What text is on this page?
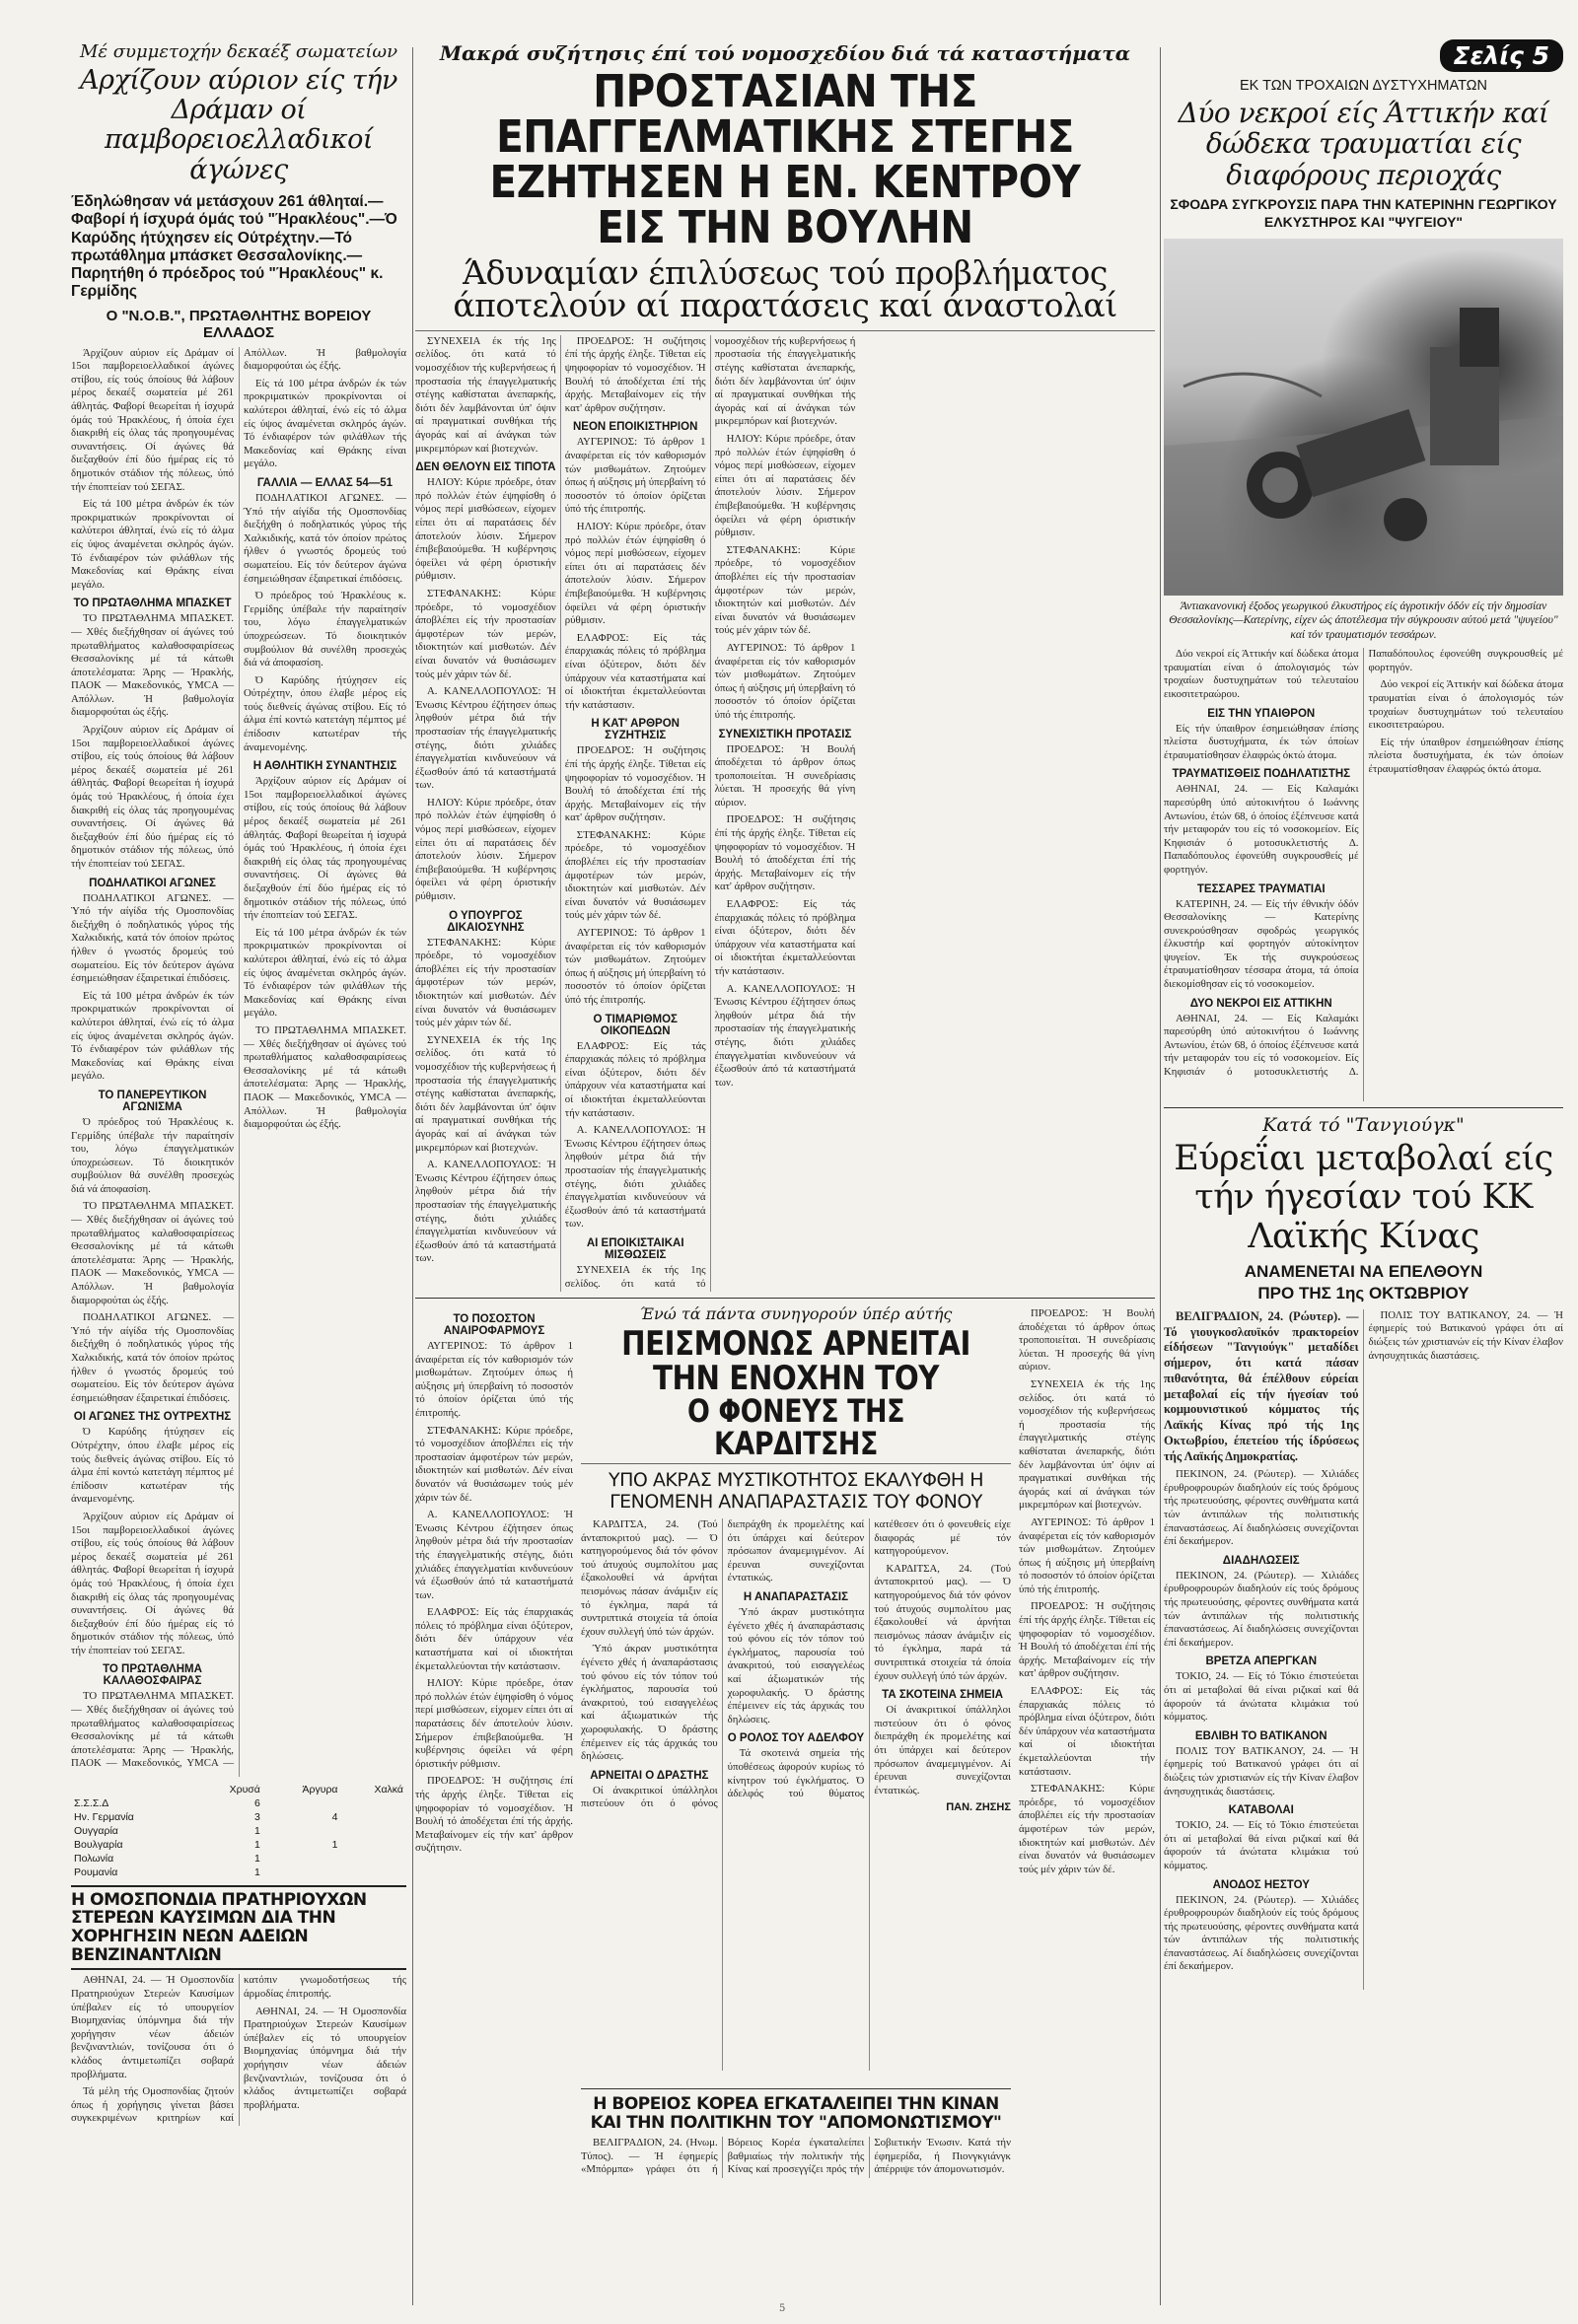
Μέ συμμετοχήν δεκαέξ σωματείων
Αρχίζουν αύριον είς τήν Δράμαν οί παμβορειοελλαδικοί άγώνες
Έδηλώθησαν νά μετάσχουν 261 άθληταί.—Φαβορί ή ίσχυρά όμάς τού "Ήρακλέους".—Ό Καρύδης ήτύχησεν είς Ούτρέχτην.—Τό πρωτάθλημα μπάσκετ Θεσσαλονίκης.— Παρητήθη ό πρόεδρος τού "Ήρακλέους" κ. Γερμίδης
Ο "Ν.Ο.Β.", ΠΡΩΤΑΘΛΗΤΗΣ ΒΟΡΕΙΟΥ ΕΛΛΑΔΟΣ

Άρχίζουν αύριον είς Δράμαν οί 15οι παμβορειοελλαδικοί άγώνες στίβου, είς τούς όποίους θά λάβουν μέρος δεκαέξ σωματεία μέ 261 άθλητάς. Φαβορί θεωρείται ή ίσχυρά όμάς τού Ήρακλέους, ή όποία έχει διακριθή είς όλας τάς προηγουμένας συναντήσεις. Οί άγώνες θά διεξαχθούν έπί δύο ήμέρας είς τό δημοτικόν στάδιον τής πόλεως, ύπό τήν έποπτείαν τού ΣΕΓΑΣ.

Είς τά 100 μέτρα άνδρών έκ τών προκριματικών προκρίνονται οί καλύτεροι άθληταί, ένώ είς τό άλμα είς ύψος άναμένεται σκληρός άγών. Τό ένδιαφέρον τών φιλάθλων τής Μακεδονίας καί Θράκης είναι μεγάλο.

ΤΟ ΠΡΩΤΑΘΛΗΜΑ ΜΠΑΣΚΕΤ

ΤΟ ΠΡΩΤΑΘΛΗΜΑ ΜΠΑΣΚΕΤ. — Χθές διεξήχθησαν οί άγώνες τού πρωταθλήματος καλαθοσφαιρίσεως Θεσσαλονίκης μέ τά κάτωθι άποτελέσματα: Άρης — Ήρακλής, ΠΑΟΚ — Μακεδονικός, ΥΜCΑ — Απόλλων. Ή βαθμολογία διαμορφούται ώς έξής.

Άρχίζουν αύριον είς Δράμαν οί 15οι παμβορειοελλαδικοί άγώνες στίβου, είς τούς όποίους θά λάβουν μέρος δεκαέξ σωματεία μέ 261 άθλητάς. Φαβορί θεωρείται ή ίσχυρά όμάς τού Ήρακλέους, ή όποία έχει διακριθή είς όλας τάς προηγουμένας συναντήσεις. Οί άγώνες θά διεξαχθούν έπί δύο ήμέρας είς τό δημοτικόν στάδιον τής πόλεως, ύπό τήν έποπτείαν τού ΣΕΓΑΣ.

ΠΟΔΗΛΑΤΙΚΟΙ ΑΓΩΝΕΣ

ΠΟΔΗΛΑΤΙΚΟΙ ΑΓΩΝΕΣ. — Ύπό τήν αίγίδα τής Ομοσπονδίας διεξήχθη ό ποδηλατικός γύρος τής Χαλκιδικής, κατά τόν όποίον πρώτος ήλθεν ό γνωστός δρομεύς τού σωματείου. Είς τόν δεύτερον άγώνα έσημειώθησαν έξαιρετικαί έπιδόσεις.

Είς τά 100 μέτρα άνδρών έκ τών προκριματικών προκρίνονται οί καλύτεροι άθληταί, ένώ είς τό άλμα είς ύψος άναμένεται σκληρός άγών. Τό ένδιαφέρον τών φιλάθλων τής Μακεδονίας καί Θράκης είναι μεγάλο.

ΤΟ ΠΑΝΕΡΕΥΤΙΚΟΝ ΑΓΩΝΙΣΜΑ

Ό πρόεδρος τού Ήρακλέους κ. Γερμίδης ύπέβαλε τήν παραίτησίν του, λόγω έπαγγελματικών ύποχρεώσεων. Τό διοικητικόν συμβούλιον θά συνέλθη προσεχώς διά νά άποφασίση.

ΤΟ ΠΡΩΤΑΘΛΗΜΑ ΜΠΑΣΚΕΤ. — Χθές διεξήχθησαν οί άγώνες τού πρωταθλήματος καλαθοσφαιρίσεως Θεσσαλονίκης μέ τά κάτωθι άποτελέσματα: Άρης — Ήρακλής, ΠΑΟΚ — Μακεδονικός, ΥΜCΑ — Απόλλων. Ή βαθμολογία διαμορφούται ώς έξής.

ΠΟΔΗΛΑΤΙΚΟΙ ΑΓΩΝΕΣ. — Ύπό τήν αίγίδα τής Ομοσπονδίας διεξήχθη ό ποδηλατικός γύρος τής Χαλκιδικής, κατά τόν όποίον πρώτος ήλθεν ό γνωστός δρομεύς τού σωματείου. Είς τόν δεύτερον άγώνα έσημειώθησαν έξαιρετικαί έπιδόσεις.

ΟΙ ΑΓΩΝΕΣ ΤΗΣ ΟΥΤΡΕΧΤΗΣ

Ό Καρύδης ήτύχησεν είς Ούτρέχτην, όπου έλαβε μέρος είς τούς διεθνείς άγώνας στίβου. Είς τό άλμα έπί κοντώ κατετάγη πέμπτος μέ έπίδοσιν κατωτέραν τής άναμενομένης.

Άρχίζουν αύριον είς Δράμαν οί 15οι παμβορειοελλαδικοί άγώνες στίβου, είς τούς όποίους θά λάβουν μέρος δεκαέξ σωματεία μέ 261 άθλητάς. Φαβορί θεωρείται ή ίσχυρά όμάς τού Ήρακλέους, ή όποία έχει διακριθή είς όλας τάς προηγουμένας συναντήσεις. Οί άγώνες θά διεξαχθούν έπί δύο ήμέρας είς τό δημοτικόν στάδιον τής πόλεως, ύπό τήν έποπτείαν τού ΣΕΓΑΣ.

ΤΟ ΠΡΩΤΑΘΛΗΜΑ ΚΑΛΑΘΟΣΦΑΙΡΑΣ

ΤΟ ΠΡΩΤΑΘΛΗΜΑ ΜΠΑΣΚΕΤ. — Χθές διεξήχθησαν οί άγώνες τού πρωταθλήματος καλαθοσφαιρίσεως Θεσσαλονίκης μέ τά κάτωθι άποτελέσματα: Άρης — Ήρακλής, ΠΑΟΚ — Μακεδονικός, ΥΜCΑ — Απόλλων. Ή βαθμολογία διαμορφούται ώς έξής.

Είς τά 100 μέτρα άνδρών έκ τών προκριματικών προκρίνονται οί καλύτεροι άθληταί, ένώ είς τό άλμα είς ύψος άναμένεται σκληρός άγών. Τό ένδιαφέρον τών φιλάθλων τής Μακεδονίας καί Θράκης είναι μεγάλο.

ΓΑΛΛΙΑ — ΕΛΛΑΣ 54—51

ΠΟΔΗΛΑΤΙΚΟΙ ΑΓΩΝΕΣ. — Ύπό τήν αίγίδα τής Ομοσπονδίας διεξήχθη ό ποδηλατικός γύρος τής Χαλκιδικής, κατά τόν όποίον πρώτος ήλθεν ό γνωστός δρομεύς τού σωματείου. Είς τόν δεύτερον άγώνα έσημειώθησαν έξαιρετικαί έπιδόσεις.

Ό πρόεδρος τού Ήρακλέους κ. Γερμίδης ύπέβαλε τήν παραίτησίν του, λόγω έπαγγελματικών ύποχρεώσεων. Τό διοικητικόν συμβούλιον θά συνέλθη προσεχώς διά νά άποφασίση.

Ό Καρύδης ήτύχησεν είς Ούτρέχτην, όπου έλαβε μέρος είς τούς διεθνείς άγώνας στίβου. Είς τό άλμα έπί κοντώ κατετάγη πέμπτος μέ έπίδοσιν κατωτέραν τής άναμενομένης.

Η ΑΘΛΗΤΙΚΗ ΣΥΝΑΝΤΗΣΙΣ

Άρχίζουν αύριον είς Δράμαν οί 15οι παμβορειοελλαδικοί άγώνες στίβου, είς τούς όποίους θά λάβουν μέρος δεκαέξ σωματεία μέ 261 άθλητάς. Φαβορί θεωρείται ή ίσχυρά όμάς τού Ήρακλέους, ή όποία έχει διακριθή είς όλας τάς προηγουμένας συναντήσεις. Οί άγώνες θά διεξαχθούν έπί δύο ήμέρας είς τό δημοτικόν στάδιον τής πόλεως, ύπό τήν έποπτείαν τού ΣΕΓΑΣ.

Είς τά 100 μέτρα άνδρών έκ τών προκριματικών προκρίνονται οί καλύτεροι άθληταί, ένώ είς τό άλμα είς ύψος άναμένεται σκληρός άγών. Τό ένδιαφέρον τών φιλάθλων τής Μακεδονίας καί Θράκης είναι μεγάλο.

ΤΟ ΠΡΩΤΑΘΛΗΜΑ ΜΠΑΣΚΕΤ. — Χθές διεξήχθησαν οί άγώνες τού πρωταθλήματος καλαθοσφαιρίσεως Θεσσαλονίκης μέ τά κάτωθι άποτελέσματα: Άρης — Ήρακλής, ΠΑΟΚ — Μακεδονικός, ΥΜCΑ — Απόλλων. Ή βαθμολογία διαμορφούται ώς έξής.

	Χρυσά	Άργυρα	Χαλκά
Σ.Σ.Σ.Δ	6		
Ην. Γερμανία	3	4	
Ουγγαρία	1		
Βουλγαρία	1	1	
Πολωνία	1		
Ρουμανία	1		
Η ΟΜΟΣΠΟΝΔΙΑ ΠΡΑΤΗΡΙΟΥΧΩΝ ΣΤΕΡΕΩΝ ΚΑΥΣΙΜΩΝ ΔΙΑ ΤΗΝ ΧΟΡΗΓΗΣΙΝ ΝΕΩΝ ΑΔΕΙΩΝ ΒΕΝΖΙΝΑΝΤΛΙΩΝ

ΑΘΗΝΑΙ, 24. — Ή Ομοσπονδία Πρατηριούχων Στερεών Καυσίμων ύπέβαλεν είς τό υπουργείον Βιομηχανίας ύπόμνημα διά τήν χορήγησιν νέων άδειών βενζιναντλιών, τονίζουσα ότι ό κλάδος άντιμετωπίζει σοβαρά προβλήματα.

Τά μέλη τής Ομοσπονδίας ζητούν όπως ή χορήγησις γίνεται βάσει συγκεκριμένων κριτηρίων καί κατόπιν γνωμοδοτήσεως τής άρμοδίας έπιτροπής.

ΑΘΗΝΑΙ, 24. — Ή Ομοσπονδία Πρατηριούχων Στερεών Καυσίμων ύπέβαλεν είς τό υπουργείον Βιομηχανίας ύπόμνημα διά τήν χορήγησιν νέων άδειών βενζιναντλιών, τονίζουσα ότι ό κλάδος άντιμετωπίζει σοβαρά προβλήματα.

Μακρά συζήτησις έπί τού νομοσχεδίου διά τά καταστήματα
ΠΡΟΣΤΑΣΙΑΝ ΤΗΣ ΕΠΑΓΓΕΛΜΑΤΙΚΗΣ ΣΤΕΓΗΣ
ΕΖΗΤΗΣΕΝ Η ΕΝ. ΚΕΝΤΡΟΥ ΕΙΣ ΤΗΝ ΒΟΥΛΗΝ
Άδυναμίαν έπιλύσεως τού προβλήματος
άποτελούν αί παρατάσεις καί άναστολαί

ΣΥΝΕΧΕΙΑ έκ τής 1ης σελίδος. ότι κατά τό νομοσχέδιον τής κυβερνήσεως ή προστασία τής έπαγγελματικής στέγης καθίσταται άνεπαρκής, διότι δέν λαμβάνονται ύπ' όψιν αί πραγματικαί συνθήκαι τής άγοράς καί αί άνάγκαι τών μικρεμπόρων καί βιοτεχνών.

ΔΕΝ ΘΕΛΟΥΝ ΕΙΣ ΤΙΠΟΤΑ

ΗΛΙΟΥ: Κύριε πρόεδρε, όταν πρό πολλών έτών έψηφίσθη ό νόμος περί μισθώσεων, είχομεν είπει ότι αί παρατάσεις δέν άποτελούν λύσιν. Σήμερον έπιβεβαιούμεθα. Ή κυβέρνησις όφείλει νά φέρη όριστικήν ρύθμισιν.

ΣΤΕΦΑΝΑΚΗΣ: Κύριε πρόεδρε, τό νομοσχέδιον άποβλέπει είς τήν προστασίαν άμφοτέρων τών μερών, ιδιοκτητών καί μισθωτών. Δέν είναι δυνατόν νά θυσιάσωμεν τούς μέν χάριν τών δέ.

Α. ΚΑΝΕΛΛΟΠΟΥΛΟΣ: Ή Ένωσις Κέντρου έζήτησεν όπως ληφθούν μέτρα διά τήν προστασίαν τής έπαγγελματικής στέγης, διότι χιλιάδες έπαγγελματίαι κινδυνεύουν νά έξωσθούν άπό τά καταστήματά των.

ΗΛΙΟΥ: Κύριε πρόεδρε, όταν πρό πολλών έτών έψηφίσθη ό νόμος περί μισθώσεων, είχομεν είπει ότι αί παρατάσεις δέν άποτελούν λύσιν. Σήμερον έπιβεβαιούμεθα. Ή κυβέρνησις όφείλει νά φέρη όριστικήν ρύθμισιν.

Ο ΥΠΟΥΡΓΟΣ ΔΙΚΑΙΟΣΥΝΗΣ

ΣΤΕΦΑΝΑΚΗΣ: Κύριε πρόεδρε, τό νομοσχέδιον άποβλέπει είς τήν προστασίαν άμφοτέρων τών μερών, ιδιοκτητών καί μισθωτών. Δέν είναι δυνατόν νά θυσιάσωμεν τούς μέν χάριν τών δέ.

ΣΥΝΕΧΕΙΑ έκ τής 1ης σελίδος. ότι κατά τό νομοσχέδιον τής κυβερνήσεως ή προστασία τής έπαγγελματικής στέγης καθίσταται άνεπαρκής, διότι δέν λαμβάνονται ύπ' όψιν αί πραγματικαί συνθήκαι τής άγοράς καί αί άνάγκαι τών μικρεμπόρων καί βιοτεχνών.

Α. ΚΑΝΕΛΛΟΠΟΥΛΟΣ: Ή Ένωσις Κέντρου έζήτησεν όπως ληφθούν μέτρα διά τήν προστασίαν τής έπαγγελματικής στέγης, διότι χιλιάδες έπαγγελματίαι κινδυνεύουν νά έξωσθούν άπό τά καταστήματά των.

ΠΡΟΕΔΡΟΣ: Ή συζήτησις έπί τής άρχής έληξε. Τίθεται είς ψηφοφορίαν τό νομοσχέδιον. Ή Βουλή τό άποδέχεται έπί τής άρχής. Μεταβαίνομεν είς τήν κατ' άρθρον συζήτησιν.

ΝΕΟΝ ΕΠΟΙΚΙΣΤΗΡΙΟΝ

ΑΥΓΕΡΙΝΟΣ: Τό άρθρον 1 άναφέρεται είς τόν καθορισμόν τών μισθωμάτων. Ζητούμεν όπως ή αύξησις μή ύπερβαίνη τό ποσοστόν τό όποίον όρίζεται ύπό τής έπιτροπής.

ΗΛΙΟΥ: Κύριε πρόεδρε, όταν πρό πολλών έτών έψηφίσθη ό νόμος περί μισθώσεων, είχομεν είπει ότι αί παρατάσεις δέν άποτελούν λύσιν. Σήμερον έπιβεβαιούμεθα. Ή κυβέρνησις όφείλει νά φέρη όριστικήν ρύθμισιν.

ΕΛΑΦΡΟΣ: Είς τάς έπαρχιακάς πόλεις τό πρόβλημα είναι όξύτερον, διότι δέν ύπάρχουν νέα καταστήματα καί οί ιδιοκτήται έκμεταλλεύονται τήν κατάστασιν.

Η ΚΑΤ' ΑΡΘΡΟΝ ΣΥΖΗΤΗΣΙΣ

ΠΡΟΕΔΡΟΣ: Ή συζήτησις έπί τής άρχής έληξε. Τίθεται είς ψηφοφορίαν τό νομοσχέδιον. Ή Βουλή τό άποδέχεται έπί τής άρχής. Μεταβαίνομεν είς τήν κατ' άρθρον συζήτησιν.

ΣΤΕΦΑΝΑΚΗΣ: Κύριε πρόεδρε, τό νομοσχέδιον άποβλέπει είς τήν προστασίαν άμφοτέρων τών μερών, ιδιοκτητών καί μισθωτών. Δέν είναι δυνατόν νά θυσιάσωμεν τούς μέν χάριν τών δέ.

ΑΥΓΕΡΙΝΟΣ: Τό άρθρον 1 άναφέρεται είς τόν καθορισμόν τών μισθωμάτων. Ζητούμεν όπως ή αύξησις μή ύπερβαίνη τό ποσοστόν τό όποίον όρίζεται ύπό τής έπιτροπής.

Ο ΤΙΜΑΡΙΘΜΟΣ ΟΙΚΟΠΕΔΩΝ

ΕΛΑΦΡΟΣ: Είς τάς έπαρχιακάς πόλεις τό πρόβλημα είναι όξύτερον, διότι δέν ύπάρχουν νέα καταστήματα καί οί ιδιοκτήται έκμεταλλεύονται τήν κατάστασιν.

Α. ΚΑΝΕΛΛΟΠΟΥΛΟΣ: Ή Ένωσις Κέντρου έζήτησεν όπως ληφθούν μέτρα διά τήν προστασίαν τής έπαγγελματικής στέγης, διότι χιλιάδες έπαγγελματίαι κινδυνεύουν νά έξωσθούν άπό τά καταστήματά των.

ΑΙ ΕΠΟΙΚΙΣΤΑΙΚΑΙ ΜΙΣΘΩΣΕΙΣ

ΣΥΝΕΧΕΙΑ έκ τής 1ης σελίδος. ότι κατά τό νομοσχέδιον τής κυβερνήσεως ή προστασία τής έπαγγελματικής στέγης καθίσταται άνεπαρκής, διότι δέν λαμβάνονται ύπ' όψιν αί πραγματικαί συνθήκαι τής άγοράς καί αί άνάγκαι τών μικρεμπόρων καί βιοτεχνών.

ΗΛΙΟΥ: Κύριε πρόεδρε, όταν πρό πολλών έτών έψηφίσθη ό νόμος περί μισθώσεων, είχομεν είπει ότι αί παρατάσεις δέν άποτελούν λύσιν. Σήμερον έπιβεβαιούμεθα. Ή κυβέρνησις όφείλει νά φέρη όριστικήν ρύθμισιν.

ΣΤΕΦΑΝΑΚΗΣ: Κύριε πρόεδρε, τό νομοσχέδιον άποβλέπει είς τήν προστασίαν άμφοτέρων τών μερών, ιδιοκτητών καί μισθωτών. Δέν είναι δυνατόν νά θυσιάσωμεν τούς μέν χάριν τών δέ.

ΑΥΓΕΡΙΝΟΣ: Τό άρθρον 1 άναφέρεται είς τόν καθορισμόν τών μισθωμάτων. Ζητούμεν όπως ή αύξησις μή ύπερβαίνη τό ποσοστόν τό όποίον όρίζεται ύπό τής έπιτροπής.

ΣΥΝΕΧΙΣΤΙΚΗ ΠΡΟΤΑΣΙΣ

ΠΡΟΕΔΡΟΣ: Ή Βουλή άποδέχεται τό άρθρον όπως τροποποιείται. Ή συνεδρίασις λύεται. Ή προσεχής θά γίνη αύριον.

ΠΡΟΕΔΡΟΣ: Ή συζήτησις έπί τής άρχής έληξε. Τίθεται είς ψηφοφορίαν τό νομοσχέδιον. Ή Βουλή τό άποδέχεται έπί τής άρχής. Μεταβαίνομεν είς τήν κατ' άρθρον συζήτησιν.

ΕΛΑΦΡΟΣ: Είς τάς έπαρχιακάς πόλεις τό πρόβλημα είναι όξύτερον, διότι δέν ύπάρχουν νέα καταστήματα καί οί ιδιοκτήται έκμεταλλεύονται τήν κατάστασιν.

Α. ΚΑΝΕΛΛΟΠΟΥΛΟΣ: Ή Ένωσις Κέντρου έζήτησεν όπως ληφθούν μέτρα διά τήν προστασίαν τής έπαγγελματικής στέγης, διότι χιλιάδες έπαγγελματίαι κινδυνεύουν νά έξωσθούν άπό τά καταστήματά των.

Ένώ τά πάντα συνηγορούν ύπέρ αύτής
ΠΕΙΣΜΟΝΩΣ ΑΡΝΕΙΤΑΙ
ΤΗΝ ΕΝΟΧΗΝ ΤΟΥ
Ο ΦΟΝΕΥΣ ΤΗΣ ΚΑΡΔΙΤΣΗΣ
ΥΠΟ ΑΚΡΑΣ ΜΥΣΤΙΚΟΤΗΤΟΣ ΕΚΑΛΥΦΘΗ Η ΓΕΝΟΜΕΝΗ ΑΝΑΠΑΡΑΣΤΑΣΙΣ ΤΟΥ ΦΟΝΟΥ
ΤΟ ΠΟΣΟΣΤΟΝ ΑΝΑΙΡΟΦΑΡΜΟΥΣ

ΑΥΓΕΡΙΝΟΣ: Τό άρθρον 1 άναφέρεται είς τόν καθορισμόν τών μισθωμάτων. Ζητούμεν όπως ή αύξησις μή ύπερβαίνη τό ποσοστόν τό όποίον όρίζεται ύπό τής έπιτροπής.

ΣΤΕΦΑΝΑΚΗΣ: Κύριε πρόεδρε, τό νομοσχέδιον άποβλέπει είς τήν προστασίαν άμφοτέρων τών μερών, ιδιοκτητών καί μισθωτών. Δέν είναι δυνατόν νά θυσιάσωμεν τούς μέν χάριν τών δέ.

Α. ΚΑΝΕΛΛΟΠΟΥΛΟΣ: Ή Ένωσις Κέντρου έζήτησεν όπως ληφθούν μέτρα διά τήν προστασίαν τής έπαγγελματικής στέγης, διότι χιλιάδες έπαγγελματίαι κινδυνεύουν νά έξωσθούν άπό τά καταστήματά των.

ΕΛΑΦΡΟΣ: Είς τάς έπαρχιακάς πόλεις τό πρόβλημα είναι όξύτερον, διότι δέν ύπάρχουν νέα καταστήματα καί οί ιδιοκτήται έκμεταλλεύονται τήν κατάστασιν.

ΗΛΙΟΥ: Κύριε πρόεδρε, όταν πρό πολλών έτών έψηφίσθη ό νόμος περί μισθώσεων, είχομεν είπει ότι αί παρατάσεις δέν άποτελούν λύσιν. Σήμερον έπιβεβαιούμεθα. Ή κυβέρνησις όφείλει νά φέρη όριστικήν ρύθμισιν.

ΠΡΟΕΔΡΟΣ: Ή συζήτησις έπί τής άρχής έληξε. Τίθεται είς ψηφοφορίαν τό νομοσχέδιον. Ή Βουλή τό άποδέχεται έπί τής άρχής. Μεταβαίνομεν είς τήν κατ' άρθρον συζήτησιν.

ΚΑΡΔΙΤΣΑ, 24. (Τού άνταποκριτού μας). — Ό κατηγορούμενος διά τόν φόνον τού άτυχούς συμπολίτου μας έξακολουθεί νά άρνήται πεισμόνως πάσαν άνάμιξιν είς τό έγκλημα, παρά τά συντριπτικά στοιχεία τά όποία έχουν συλλεγή ύπό τών άρχών.

Ύπό άκραν μυστικότητα έγένετο χθές ή άναπαράστασις τού φόνου είς τόν τόπον τού έγκλήματος, παρουσία τού άνακριτού, τού εισαγγελέως καί άξιωματικών τής χωροφυλακής. Ό δράστης έπέμεινεν είς τάς άρχικάς του δηλώσεις.

ΑΡΝΕΙΤΑΙ Ο ΔΡΑΣΤΗΣ

Οί άνακριτικοί ύπάλληλοι πιστεύουν ότι ό φόνος διεπράχθη έκ προμελέτης καί ότι ύπάρχει καί δεύτερον πρόσωπον άναμεμιγμένον. Αί έρευναι συνεχίζονται έντατικώς.

Η ΑΝΑΠΑΡΑΣΤΑΣΙΣ

Ύπό άκραν μυστικότητα έγένετο χθές ή άναπαράστασις τού φόνου είς τόν τόπον τού έγκλήματος, παρουσία τού άνακριτού, τού εισαγγελέως καί άξιωματικών τής χωροφυλακής. Ό δράστης έπέμεινεν είς τάς άρχικάς του δηλώσεις.

Ο ΡΟΛΟΣ ΤΟΥ ΑΔΕΛΦΟΥ

Τά σκοτεινά σημεία τής ύποθέσεως άφορούν κυρίως τό κίνητρον τού έγκλήματος. Ό άδελφός τού θύματος κατέθεσεν ότι ό φονευθείς είχε διαφοράς μέ τόν κατηγορούμενον.

ΚΑΡΔΙΤΣΑ, 24. (Τού άνταποκριτού μας). — Ό κατηγορούμενος διά τόν φόνον τού άτυχούς συμπολίτου μας έξακολουθεί νά άρνήται πεισμόνως πάσαν άνάμιξιν είς τό έγκλημα, παρά τά συντριπτικά στοιχεία τά όποία έχουν συλλεγή ύπό τών άρχών.

ΤΑ ΣΚΟΤΕΙΝΑ ΣΗΜΕΙΑ

Οί άνακριτικοί ύπάλληλοι πιστεύουν ότι ό φόνος διεπράχθη έκ προμελέτης καί ότι ύπάρχει καί δεύτερον πρόσωπον άναμεμιγμένον. Αί έρευναι συνεχίζονται έντατικώς.

ΠΑΝ. ΖΗΣΗΣ

ΠΡΟΕΔΡΟΣ: Ή Βουλή άποδέχεται τό άρθρον όπως τροποποιείται. Ή συνεδρίασις λύεται. Ή προσεχής θά γίνη αύριον.

ΣΥΝΕΧΕΙΑ έκ τής 1ης σελίδος. ότι κατά τό νομοσχέδιον τής κυβερνήσεως ή προστασία τής έπαγγελματικής στέγης καθίσταται άνεπαρκής, διότι δέν λαμβάνονται ύπ' όψιν αί πραγματικαί συνθήκαι τής άγοράς καί αί άνάγκαι τών μικρεμπόρων καί βιοτεχνών.

ΑΥΓΕΡΙΝΟΣ: Τό άρθρον 1 άναφέρεται είς τόν καθορισμόν τών μισθωμάτων. Ζητούμεν όπως ή αύξησις μή ύπερβαίνη τό ποσοστόν τό όποίον όρίζεται ύπό τής έπιτροπής.

ΠΡΟΕΔΡΟΣ: Ή συζήτησις έπί τής άρχής έληξε. Τίθεται είς ψηφοφορίαν τό νομοσχέδιον. Ή Βουλή τό άποδέχεται έπί τής άρχής. Μεταβαίνομεν είς τήν κατ' άρθρον συζήτησιν.

ΕΛΑΦΡΟΣ: Είς τάς έπαρχιακάς πόλεις τό πρόβλημα είναι όξύτερον, διότι δέν ύπάρχουν νέα καταστήματα καί οί ιδιοκτήται έκμεταλλεύονται τήν κατάστασιν.

ΣΤΕΦΑΝΑΚΗΣ: Κύριε πρόεδρε, τό νομοσχέδιον άποβλέπει είς τήν προστασίαν άμφοτέρων τών μερών, ιδιοκτητών καί μισθωτών. Δέν είναι δυνατόν νά θυσιάσωμεν τούς μέν χάριν τών δέ.

Η ΒΟΡΕΙΟΣ ΚΟΡΕΑ ΕΓΚΑΤΑΛΕΙΠΕΙ ΤΗΝ ΚΙΝΑΝ ΚΑΙ ΤΗΝ ΠΟΛΙΤΙΚΗΝ ΤΟΥ "ΑΠΟΜΟΝΩΤΙΣΜΟΥ"

ΒΕΛΙΓΡΑΔΙΟΝ, 24. (Ηνωμ. Τύπος). — Ή έφημερίς «Μπόρμπα» γράφει ότι ή Βόρειος Κορέα έγκαταλείπει βαθμιαίως τήν πολιτικήν τής Κίνας καί προσεγγίζει πρός τήν Σοβιετικήν Ένωσιν. Κατά τήν έφημερίδα, ή Πιονγκγιάνγκ άπέρριψε τόν άπομονωτισμόν.

Σελίς 5
ΕΚ ΤΩΝ ΤΡΟΧΑΙΩΝ ΔΥΣΤΥΧΗΜΑΤΩΝ
Δύο νεκροί είς Άττικήν καί δώδεκα τραυματίαι είς διαφόρους περιοχάς
ΣΦΟΔΡΑ ΣΥΓΚΡΟΥΣΙΣ ΠΑΡΑ ΤΗΝ ΚΑΤΕΡΙΝΗΝ ΓΕΩΡΓΙΚΟΥ ΕΛΚΥΣΤΗΡΟΣ ΚΑΙ "ΨΥΓΕΙΟΥ"
Άντιακανονική έξοδος γεωργικού έλκυστήρος είς άγροτικήν όδόν είς τήν δημοσίαν Θεσσαλονίκης—Κατερίνης, είχεν ώς άποτέλεσμα τήν σύγκρουσιν αύτού μετά "ψυγείου" καί τόν τραυματισμόν τεσσάρων.

Δύο νεκροί είς Άττικήν καί δώδεκα άτομα τραυματίαι είναι ό άπολογισμός τών τροχαίων δυστυχημάτων τού τελευταίου εικοσιτετραώρου.

ΕΙΣ ΤΗΝ ΥΠΑΙΘΡΟΝ

Είς τήν ύπαιθρον έσημειώθησαν έπίσης πλείστα δυστυχήματα, έκ τών όποίων έτραυματίσθησαν έλαφρώς όκτώ άτομα.

ΤΡΑΥΜΑΤΙΣΘΕΙΣ ΠΟΔΗΛΑΤΙΣΤΗΣ

ΑΘΗΝΑΙ, 24. — Είς Καλαμάκι παρεσύρθη ύπό αύτοκινήτου ό Ιωάννης Αντωνίου, έτών 68, ό όποίος έξέπνευσε κατά τήν μεταφοράν του είς τό νοσοκομείον. Είς Κηφισιάν ό μοτοσυκλετιστής Δ. Παπαδόπουλος έφονεύθη συγκρουσθείς μέ φορτηγόν.

ΤΕΣΣΑΡΕΣ ΤΡΑΥΜΑΤΙΑΙ

ΚΑΤΕΡΙΝΗ, 24. — Είς τήν έθνικήν όδόν Θεσσαλονίκης — Κατερίνης συνεκρούσθησαν σφοδρώς γεωργικός έλκυστήρ καί φορτηγόν αύτοκίνητον ψυγείον. Έκ τής συγκρούσεως έτραυματίσθησαν τέσσαρα άτομα, τά όποία διεκομίσθησαν είς τό νοσοκομείον.

ΔΥΟ ΝΕΚΡΟΙ ΕΙΣ ΑΤΤΙΚΗΝ

ΑΘΗΝΑΙ, 24. — Είς Καλαμάκι παρεσύρθη ύπό αύτοκινήτου ό Ιωάννης Αντωνίου, έτών 68, ό όποίος έξέπνευσε κατά τήν μεταφοράν του είς τό νοσοκομείον. Είς Κηφισιάν ό μοτοσυκλετιστής Δ. Παπαδόπουλος έφονεύθη συγκρουσθείς μέ φορτηγόν.

Δύο νεκροί είς Άττικήν καί δώδεκα άτομα τραυματίαι είναι ό άπολογισμός τών τροχαίων δυστυχημάτων τού τελευταίου εικοσιτετραώρου.

Είς τήν ύπαιθρον έσημειώθησαν έπίσης πλείστα δυστυχήματα, έκ τών όποίων έτραυματίσθησαν έλαφρώς όκτώ άτομα.

Κατά τό "Τανγιούγκ"
Εύρεΐαι μεταβολαί είς τήν ήγεσίαν τού ΚΚ Λαϊκής Κίνας
ΑΝΑΜΕΝΕΤΑΙ ΝΑ ΕΠΕΛΘΟΥΝ
ΠΡΟ ΤΗΣ 1ης ΟΚΤΩΒΡΙΟΥ

ΒΕΛΙΓΡΑΔΙΟΝ, 24. (Ρώυτερ). — Τό γιουγκοσλαυϊκόν πρακτορείον είδήσεων "Τανγιούγκ" μεταδίδει σήμερον, ότι κατά πάσαν πιθανότητα, θά έπέλθουν εύρείαι μεταβολαί είς τήν ήγεσίαν τού κομμουνιστικού κόμματος τής Λαϊκής Κίνας πρό τής 1ης Οκτωβρίου, έπετείου τής ίδρύσεως τής Λαϊκής Δημοκρατίας.

ΠΕΚΙΝΟΝ, 24. (Ρώυτερ). — Χιλιάδες έρυθροφρουρών διαδηλούν είς τούς δρόμους τής πρωτευούσης, φέροντες συνθήματα κατά τών άντιπάλων τής πολιτιστικής έπαναστάσεως. Αί διαδηλώσεις συνεχίζονται έπί δεκαήμερον.

ΔΙΑΔΗΛΩΣΕΙΣ

ΠΕΚΙΝΟΝ, 24. (Ρώυτερ). — Χιλιάδες έρυθροφρουρών διαδηλούν είς τούς δρόμους τής πρωτευούσης, φέροντες συνθήματα κατά τών άντιπάλων τής πολιτιστικής έπαναστάσεως. Αί διαδηλώσεις συνεχίζονται έπί δεκαήμερον.

ΒΡΕΤΖΑ ΑΠΕΡΓΚΑΝ

ΤΟΚΙΟ, 24. — Είς τό Τόκιο έπιστεύεται ότι αί μεταβολαί θά είναι ριζικαί καί θά άφορούν τά άνώτατα κλιμάκια τού κόμματος.

ΕΒΛΙΒΗ ΤΟ ΒΑΤΙΚΑΝΟΝ

ΠΟΛΙΣ ΤΟΥ ΒΑΤΙΚΑΝΟΥ, 24. — Ή έφημερίς τού Βατικανού γράφει ότι αί διώξεις τών χριστιανών είς τήν Κίναν έλαβον άνησυχητικάς διαστάσεις.

ΚΑΤΑΒΟΛΑΙ

ΤΟΚΙΟ, 24. — Είς τό Τόκιο έπιστεύεται ότι αί μεταβολαί θά είναι ριζικαί καί θά άφορούν τά άνώτατα κλιμάκια τού κόμματος.

ΑΝΟΔΟΣ ΗΕΣΤΟΥ

ΠΕΚΙΝΟΝ, 24. (Ρώυτερ). — Χιλιάδες έρυθροφρουρών διαδηλούν είς τούς δρόμους τής πρωτευούσης, φέροντες συνθήματα κατά τών άντιπάλων τής πολιτιστικής έπαναστάσεως. Αί διαδηλώσεις συνεχίζονται έπί δεκαήμερον.

ΠΟΛΙΣ ΤΟΥ ΒΑΤΙΚΑΝΟΥ, 24. — Ή έφημερίς τού Βατικανού γράφει ότι αί διώξεις τών χριστιανών είς τήν Κίναν έλαβον άνησυχητικάς διαστάσεις.

5
